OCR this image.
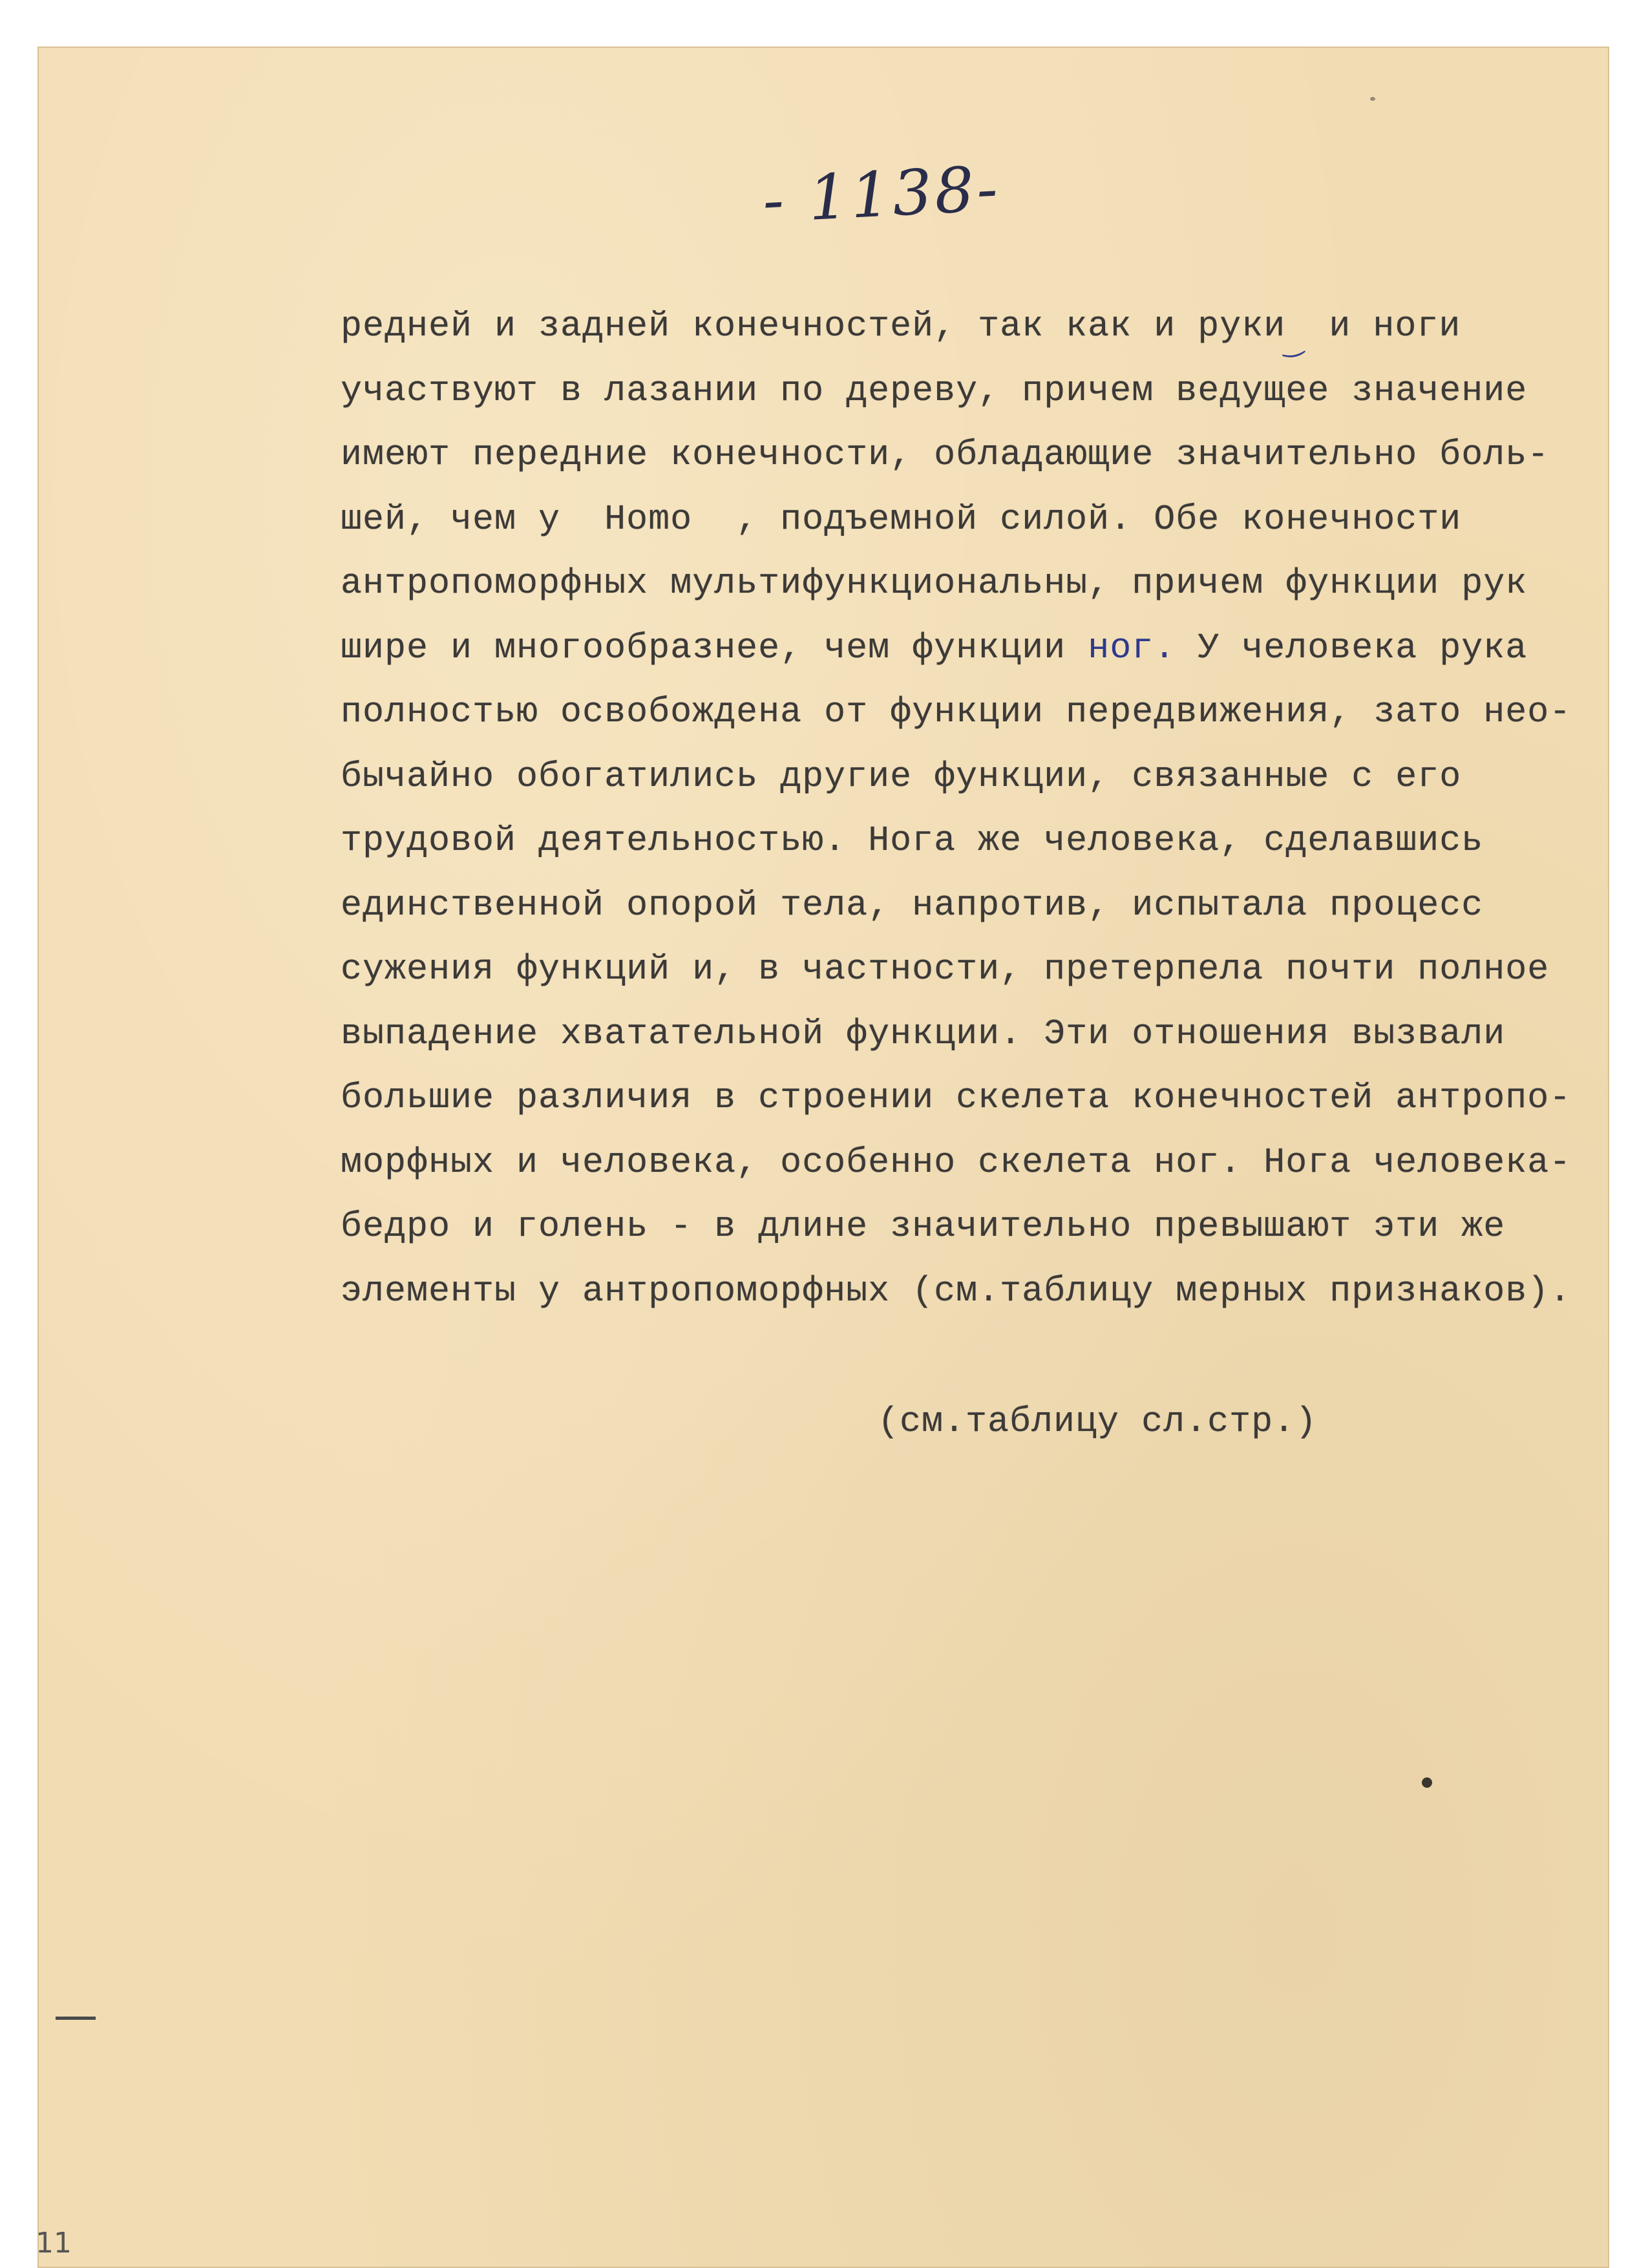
- 1138-
редней и задней конечностей, так как и руки‿ и ноги
участвуют в лазании по дереву, причем ведущее значение
имеют передние конечности, обладающие значительно боль-
шей, чем у  Homo  , подъемной силой. Обе конечности
антропоморфных мультифункциональны, причем функции рук
шире и многообразнее, чем функции ног. У человека рука
полностью освобождена от функции передвижения, зато нео-
бычайно обогатились другие функции, связанные с его
трудовой деятельностью. Нога же человека, сделавшись
единственной опорой тела, напротив, испытала процесс
сужения функций и, в частности, претерпела почти полное
выпадение хватательной функции. Эти отношения вызвали
большие различия в строении скелета конечностей антропо-
морфных и человека, особенно скелета ног. Нога человека-
бедро и голень - в длине значительно превышают эти же
элементы у антропоморфных (см.таблицу мерных признаков).
(см.таблицу сл.стр.)
11
